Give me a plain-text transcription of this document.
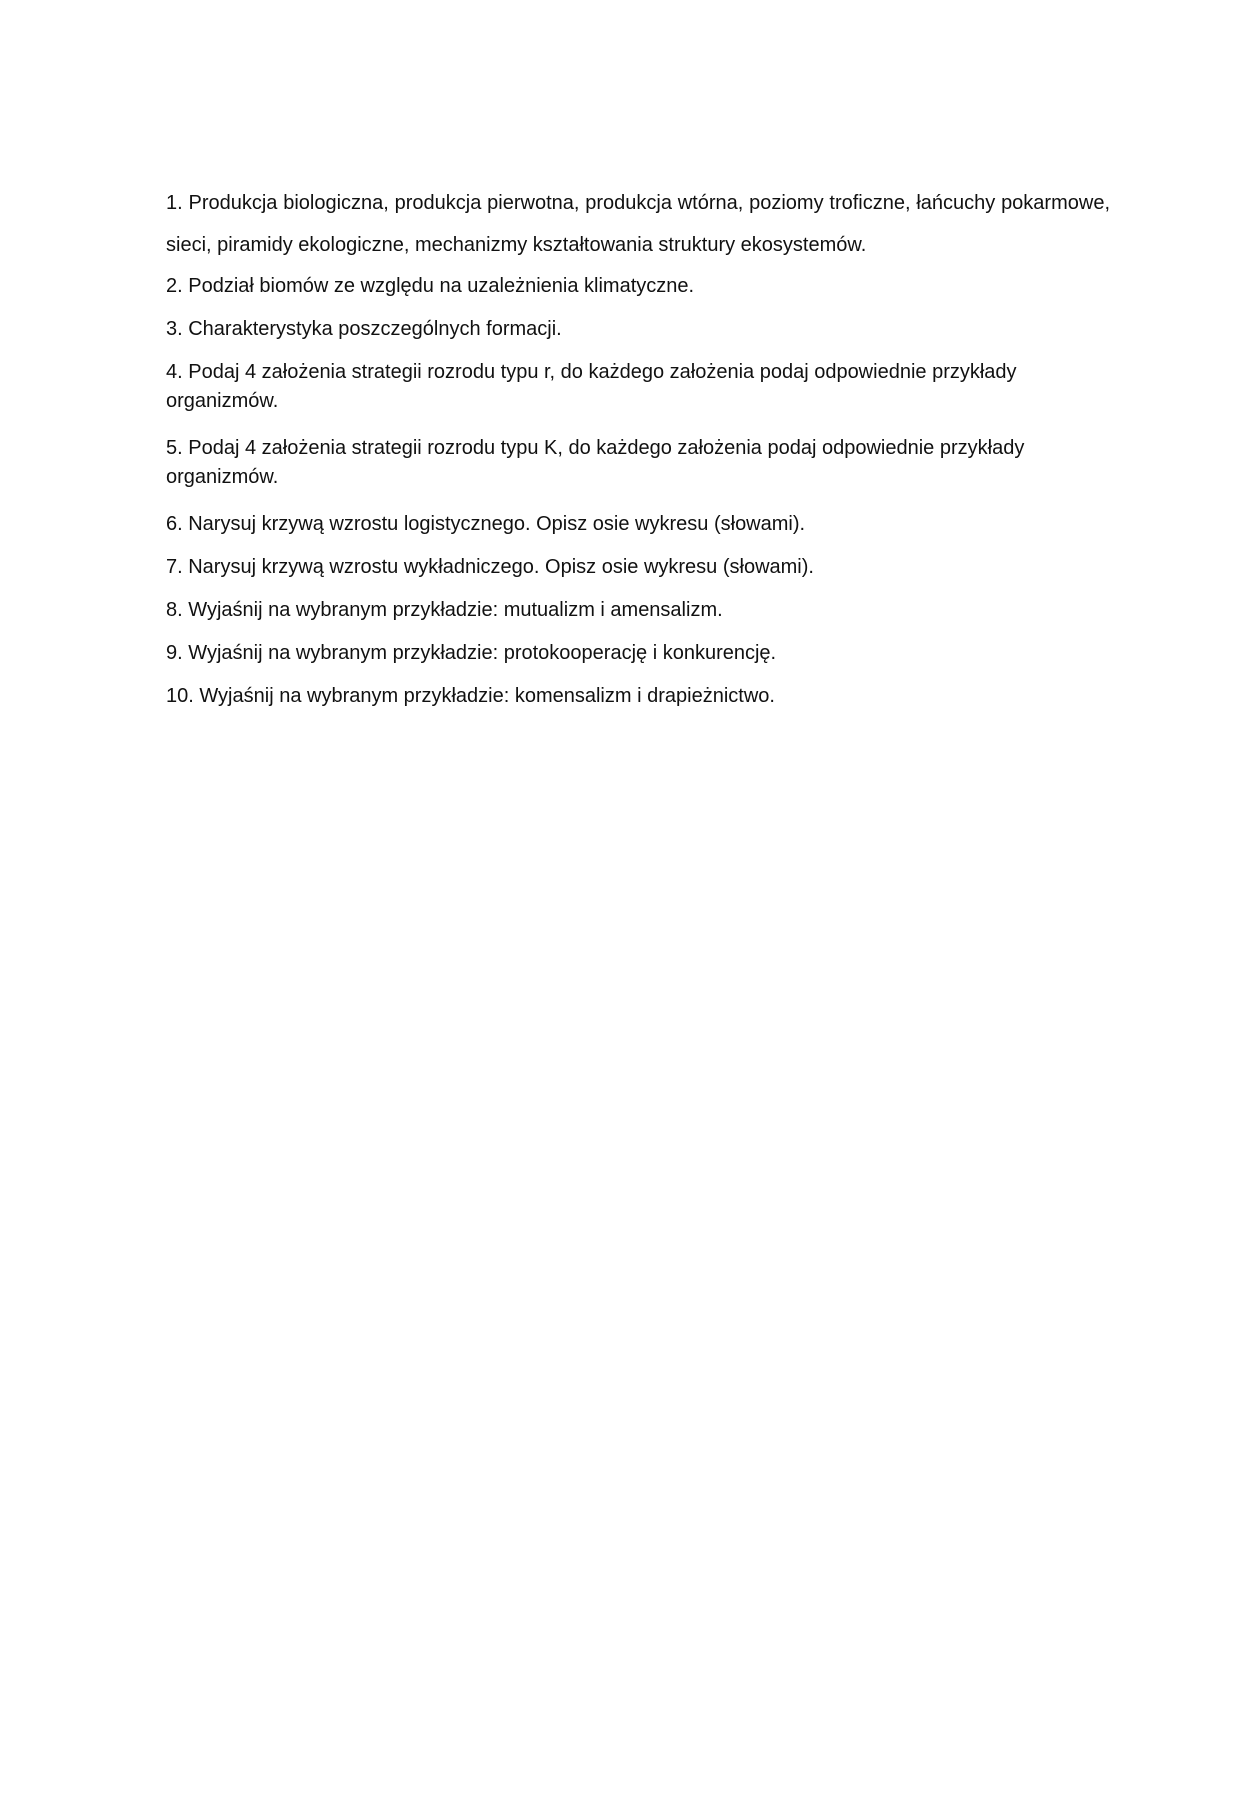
1. Produkcja biologiczna, produkcja pierwotna, produkcja wtórna, poziomy troficzne, łańcuchy pokarmowe, sieci, piramidy ekologiczne, mechanizmy kształtowania struktury ekosystemów.

2. Podział biomów ze względu na uzależnienia klimatyczne.

3. Charakterystyka poszczególnych formacji.

4. Podaj 4 założenia strategii rozrodu typu r, do każdego założenia podaj odpowiednie przykłady organizmów.

5. Podaj 4 założenia strategii rozrodu typu K, do każdego założenia podaj odpowiednie przykłady organizmów.

6. Narysuj krzywą wzrostu logistycznego. Opisz osie wykresu (słowami).

7. Narysuj krzywą wzrostu wykładniczego. Opisz osie wykresu (słowami).

8. Wyjaśnij na wybranym przykładzie: mutualizm i amensalizm.

9. Wyjaśnij na wybranym przykładzie: protokooperację i konkurencję.

10. Wyjaśnij na wybranym przykładzie: komensalizm i drapieżnictwo.
